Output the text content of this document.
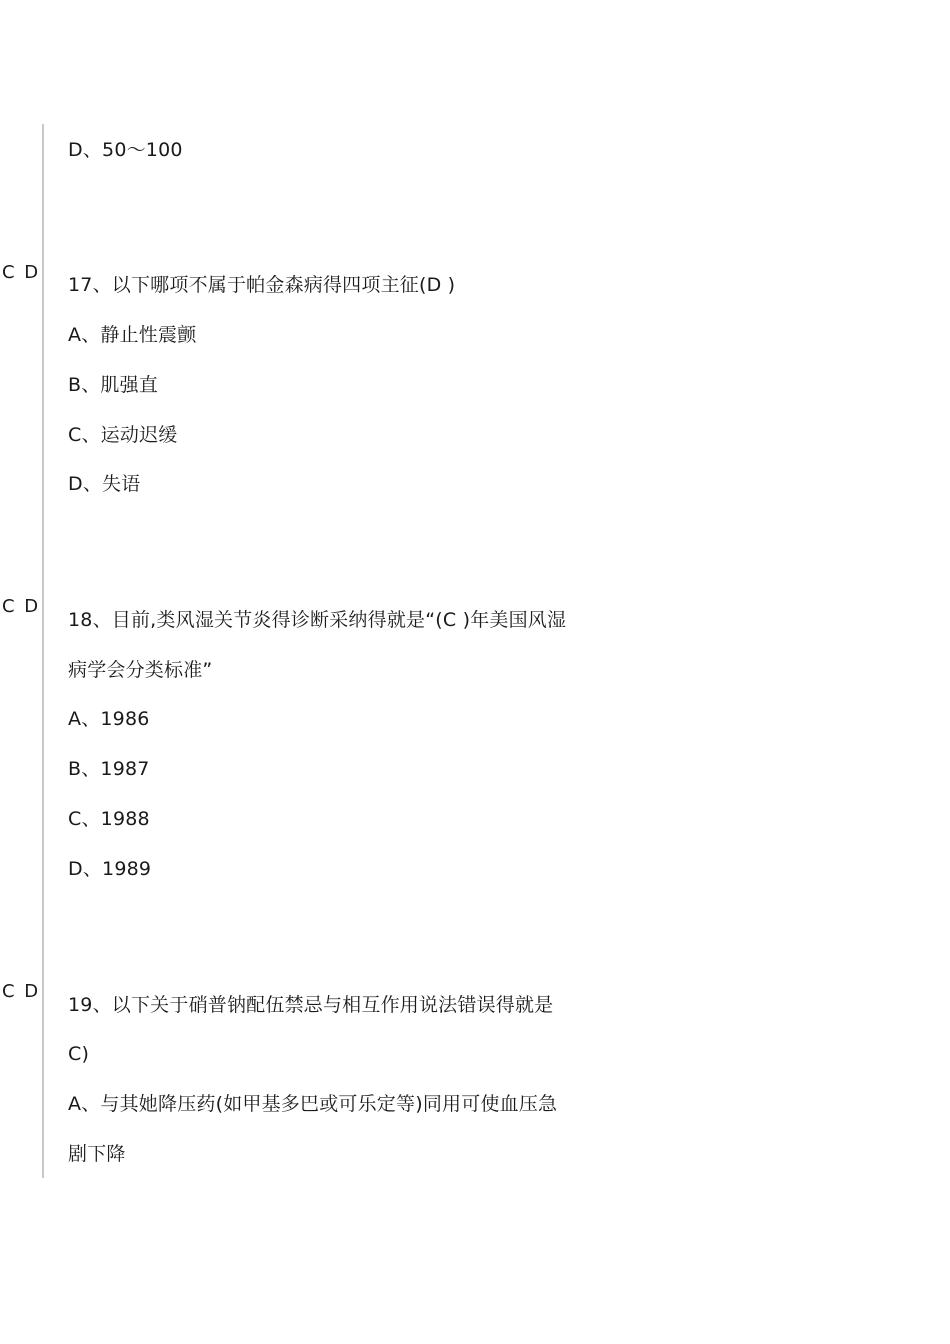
D、50～100
C D
17、以下哪项不属于帕金森病得四项主征(D )
A、静止性震颤
B、肌强直
C、运动迟缓
D、失语
C D
18、目前,类风湿关节炎得诊断采纳得就是“(C )年美国风湿
病学会分类标准”
A、1986
B、1987
C、1988
D、1989
C D
19、以下关于硝普钠配伍禁忌与相互作用说法错误得就是
C)
A、与其她降压药(如甲基多巴或可乐定等)同用可使血压急
剧下降
